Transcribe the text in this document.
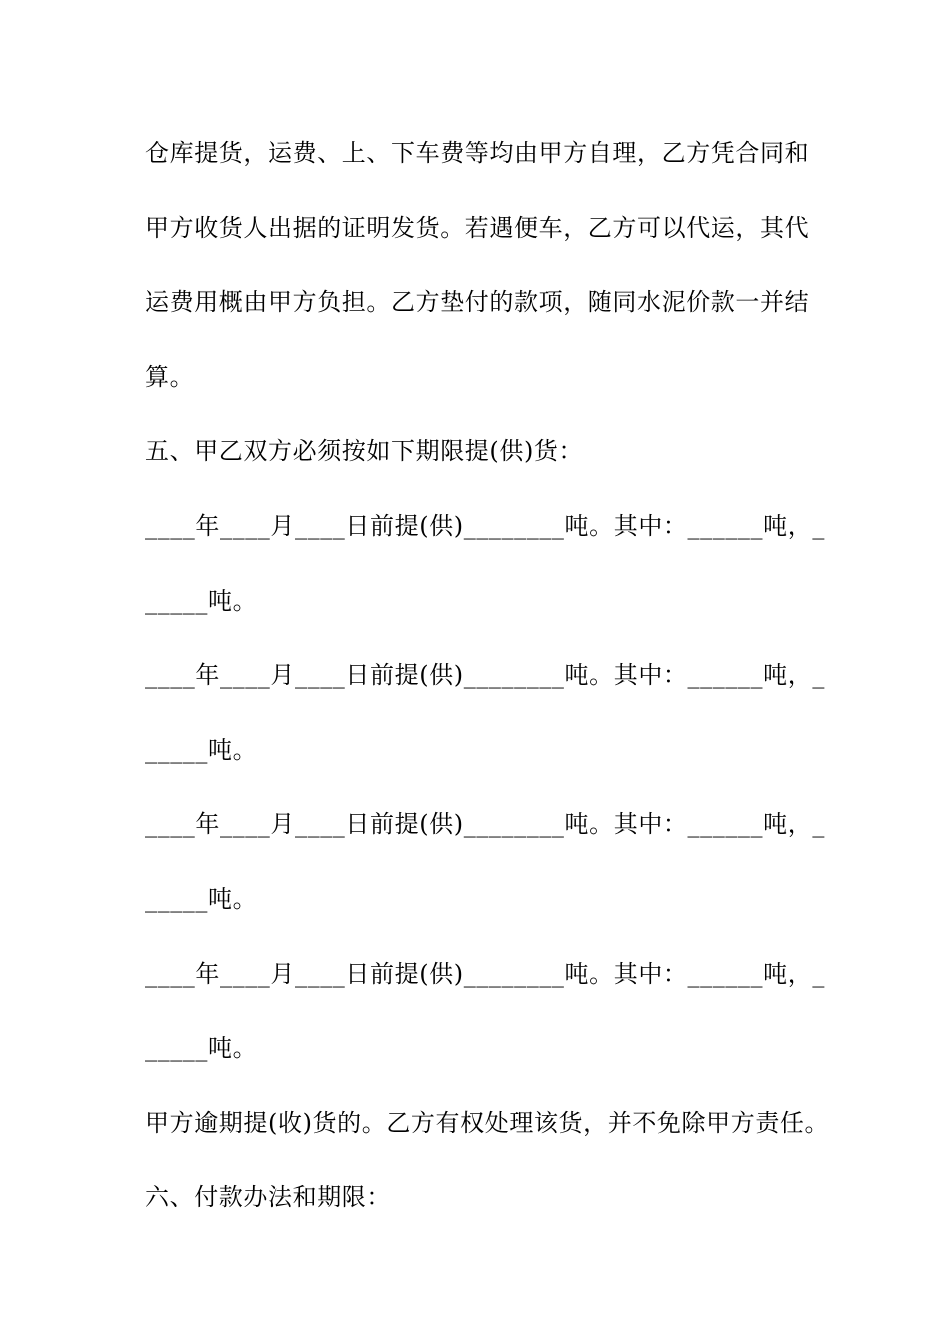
仓库提货，运费、上、下车费等均由甲方自理，乙方凭合同和
甲方收货人出据的证明发货。若遇便车，乙方可以代运，其代
运费用概由甲方负担。乙方垫付的款项，随同水泥价款一并结
算。
五、甲乙双方必须按如下期限提(供)货：
____年____月____日前提(供)________吨。其中：______吨，_
_____吨。
____年____月____日前提(供)________吨。其中：______吨，_
_____吨。
____年____月____日前提(供)________吨。其中：______吨，_
_____吨。
____年____月____日前提(供)________吨。其中：______吨，_
_____吨。
甲方逾期提(收)货的。乙方有权处理该货，并不免除甲方责任。
六、付款办法和期限：
